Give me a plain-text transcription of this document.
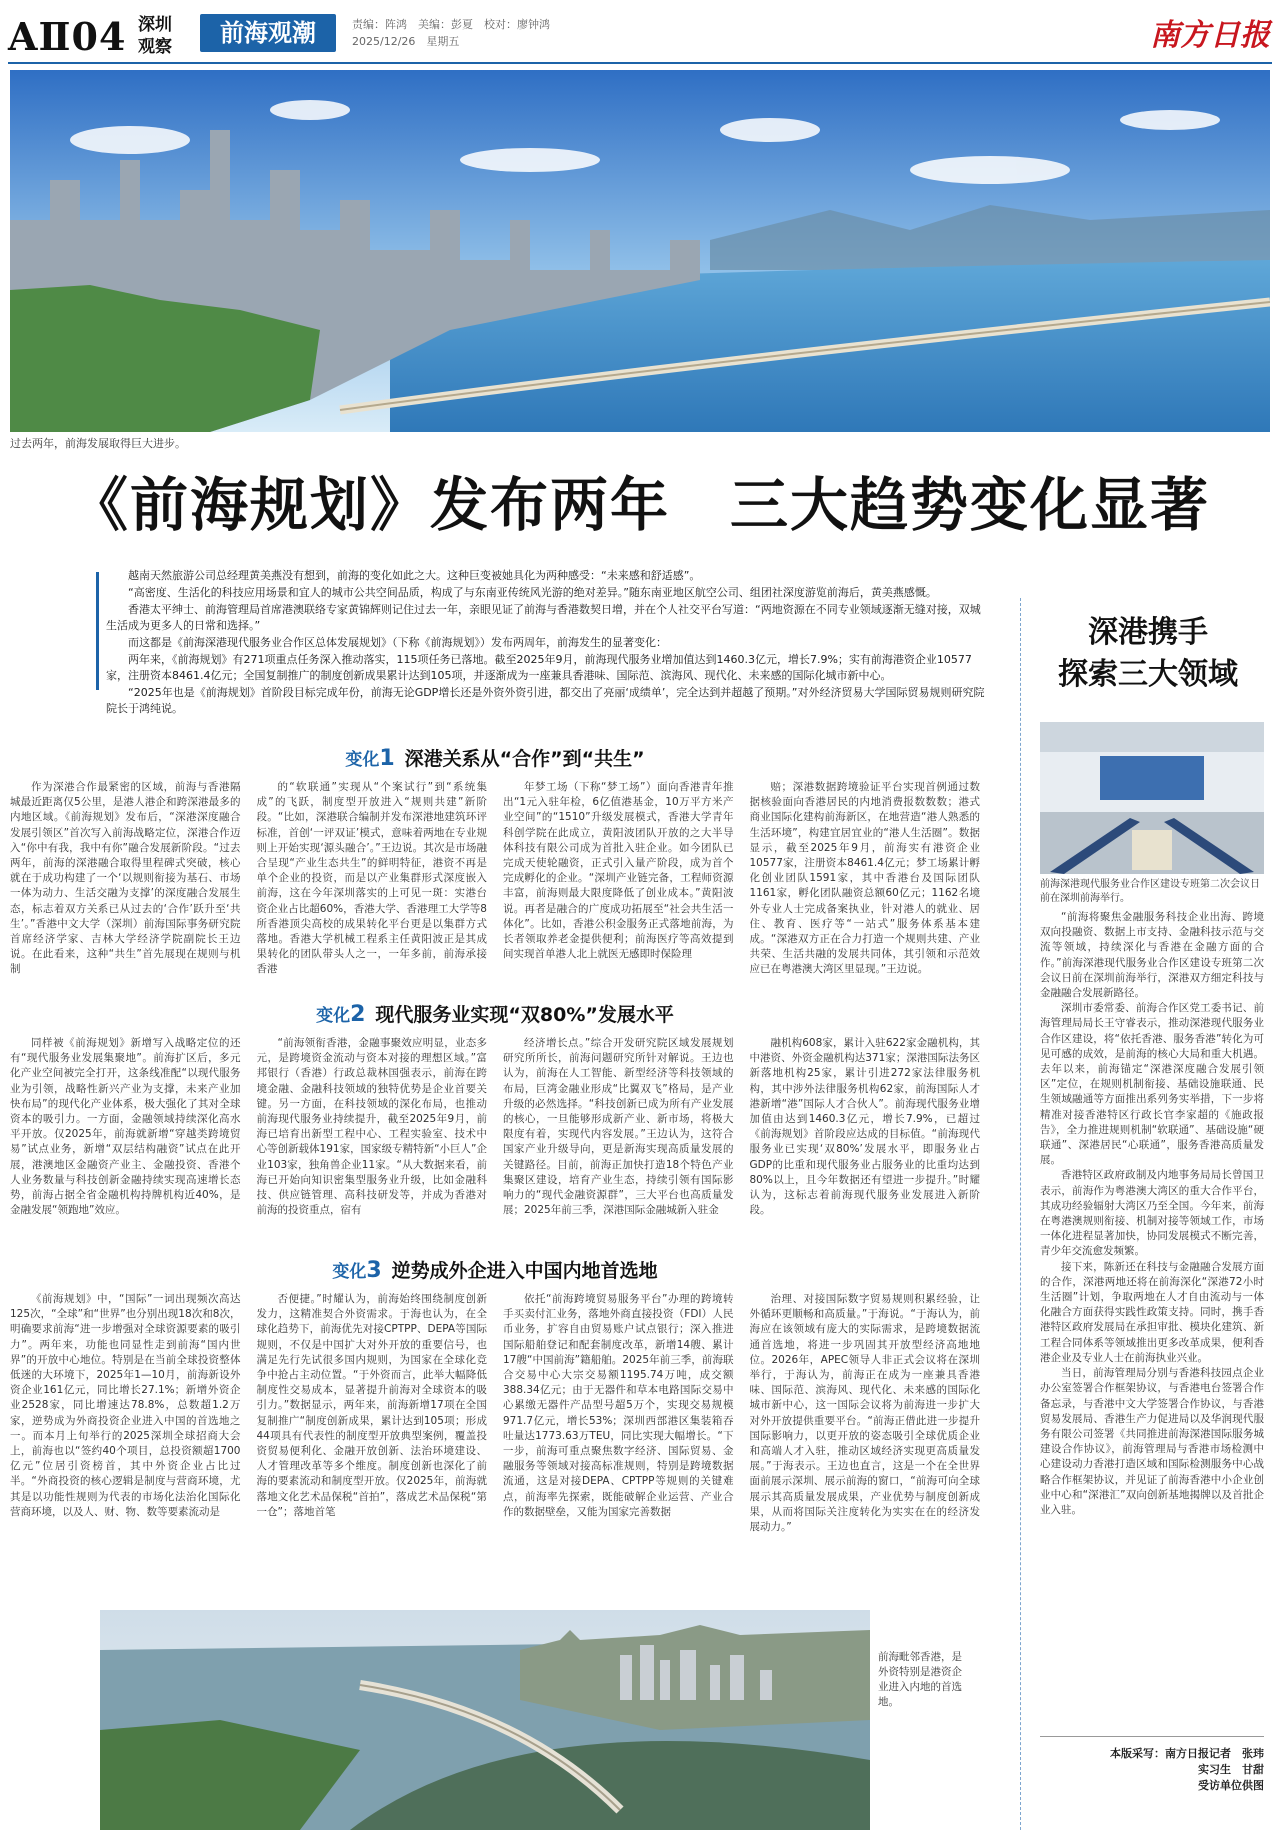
AⅡ04 深圳
观察	前海观潮	责编：阵鸿　美编：彭夏　校对：廖钟鸿
2025/12/26　星期五	南方日报
过去两年，前海发展取得巨大进步。
《前海规划》发布两年　三大趋势变化显著

越南天然旅游公司总经理黄美燕没有想到，前海的变化如此之大。这种巨变被她具化为两种感受：“未来感和舒适感”。

“高密度、生活化的科技应用场景和宜人的城市公共空间品质，构成了与东南亚传统风光游的绝对差异。”随东南亚地区航空公司、组团社深度游览前海后，黄美燕感慨。

香港太平绅士、前海管理局首席港澳联络专家黄锦辉则记住过去一年，亲眼见证了前海与香港数契日增，并在个人社交平台写道：“两地资源在不同专业领域逐渐无缝对接，双城生活成为更多人的日常和选择。”

而这都是《前海深港现代服务业合作区总体发展规划》（下称《前海规划》）发布两周年，前海发生的显著变化：

两年来，《前海规划》有271项重点任务深入推动落实，115项任务已落地。截至2025年9月，前海现代服务业增加值达到1460.3亿元，增长7.9%；实有前海港资企业10577家，注册资本8461.4亿元；全国复制推广的制度创新成果累计达到105项，并逐渐成为一座兼具香港味、国际范、滨海风、现代化、未来感的国际化城市新中心。

“2025年也是《前海规划》首阶段目标完成年份，前海无论GDP增长还是外资外资引进，都交出了亮丽‘成绩单’，完全达到并超越了预期。”对外经济贸易大学国际贸易规则研究院院长于鸿纯说。

变化1 深港关系从“合作”到“共生”

作为深港合作最紧密的区域，前海与香港隔城最近距离仅5公里，是港人港企和跨深港最多的内地区域。《前海规划》发布后，“深港深度融合发展引领区”首次写入前海战略定位，深港合作迈入“你中有我，我中有你”融合发展新阶段。“过去两年，前海的深港融合取得里程碑式突破，核心就在于成功构建了一个‘以规则衔接为基石、市场一体为动力、生活交融为支撑’的深度融合发展生态，标志着双方关系已从过去的‘合作’跃升至‘共生’。”香港中文大学（深圳）前海国际事务研究院首席经济学家、吉林大学经济学院副院长王边说。在此看来，这种“共生”首先展现在规则与机制

的“软联通”实现从“个案试行”到“系统集成”的飞跃，制度型开放进入“规则共建”新阶段。“比如，深港联合编制并发布深港地建筑环评标准，首创‘一评双证’模式，意味着两地在专业规则上开始实现‘源头融合’。”王边说。其次是市场融合呈现“产业生态共生”的鲜明特征，港资不再是单个企业的投资，而是以产业集群形式深度嵌入前海，这在今年深圳落实的上可见一斑：实港台资企业占比超60%，香港大学、香港理工大学等8所香港顶尖高校的成果转化平台更是以集群方式落地。香港大学机械工程系主任黄阳波正是其成果转化的团队带头人之一，一年多前，前海承接香港

年梦工场（下称“梦工场”）面向香港青年推出“1元入驻年检，6亿值港基金，10万平方米产业空间”的“1510”升级发展模式，香港大学青年科创学院在此成立，黄阳波团队开放的之大半导体科技有限公司成为首批入驻企业。如今团队已完成天使轮融资，正式引入量产阶段，成为首个完成孵化的企业。“深圳产业链完备，工程师资源丰富，前海则最大限度降低了创业成本。”黄阳波说。再者是融合的广度成功拓展至“社会共生活一体化”。比如，香港公积金服务正式落地前海，为长者领取养老金提供便利；前海医疗等高效提到间实现首单港人北上就医无感即时保险理

赔；深港数据跨境验证平台实现首例通过数据核验面向香港居民的内地消费报数数数；港式商业国际化建构前海新区，在地营造“港人熟悉的生活环境”，构建宜居宜业的“港人生活圈”。数据显示，截至2025年9月，前海实有港资企业10577家，注册资本8461.4亿元；梦工场累计孵化创业团队1591家，其中香港台及国际团队1161家，孵化团队融资总额60亿元；1162名境外专业人士完成备案执业，针对港人的就业、居住、教育、医疗等“一站式”服务体系基本建成。“深港双方正在合力打造一个规则共建、产业共荣、生活共融的发展共同体，其引领和示范效应已在粤港澳大湾区里显现。”王边说。

变化2 现代服务业实现“双80%”发展水平

同样被《前海规划》新增写入战略定位的还有“现代服务业发展集聚地”。前海扩区后，多元化产业空间被完全打开，这条线准配“以现代服务业为引领，战略性新兴产业为支撑，未来产业加快布局”的现代化产业体系，极大强化了其对全球资本的吸引力。一方面，金融领域持续深化高水平开放。仅2025年，前海就新增“穿越类跨境贸易”试点业务，新增“双层结构融资”试点在此开展，港澳地区金融资产业主、金融投资、香港个人业务数量与科技创新金融持续实现高速增长态势，前海占据全省金融机构持牌机构近40%，是金融发展“领跑地”效应。

“前海领衔香港，金融事聚效应明显，业态多元，是跨境资金流动与资本对接的理想区域。”富邦银行（香港）行政总裁林国强表示，前海在跨境金融、金融科技领域的独特优势是企业首要关键。另一方面，在科技领域的深化布局，也推动前海现代服务业持续提升，截至2025年9月，前海已培育出新型工程中心、工程实验室、技术中心等创新载体191家，国家级专精特新“小巨人”企业103家，独角兽企业11家。“从大数据来看，前海已开始向知识密集型服务业升级，比如金融科技、供应链管理、高科技研发等，并成为香港对前海的投资重点，宿有

经济增长点。”综合开发研究院区域发展规划研究所所长，前海问题研究所针对解说。王边也认为，前海在人工智能、新型经济等科技领域的布局，巨湾金融业形成“比翼双飞”格局，是产业升级的必然选择。“科技创新已成为所有产业发展的核心，一旦能够形成新产业、新市场，将极大限度有着，实现代内容发展。”王边认为，这符合国家产业升级导向，更是新海实现高质量发展的关键路径。目前，前海正加快打造18个特色产业集聚区建设，培育产业生态，持续引领有国际影响力的“现代金融资源群”，三大平台也高质量发展；2025年前三季，深港国际金融城新入驻金

融机构608家，累计入驻622家金融机构，其中港资、外资金融机构达371家；深港国际法务区新落地机构25家，累计引进272家法律服务机构，其中涉外法律服务机构62家，前海国际人才港新增“港”国际人才合伙人”。前海现代服务业增加值由达到1460.3亿元，增长7.9%，已超过《前海规划》首阶段应达成的目标值。“前海现代服务业已实现‘双80%’发展水平，即服务业占GDP的比重和现代服务业占服务业的比重均达到80%以上，且今年数据还有望进一步提升。”时耀认为，这标志着前海现代服务业发展进入新阶段。

变化3 逆势成外企进入中国内地首选地

《前海规划》中，“国际”一词出现频次高达125次，“全球”和“世界”也分别出现18次和8次，明确要求前海“进一步增强对全球资源要素的吸引力”。两年来，功能也同显性走到前海“国内世界”的开放中心地位。特别是在当前全球投资整体低迷的大环境下，2025年1—10月，前海新设外资企业161亿元，同比增长27.1%；新增外资企业2528家，同比增速达78.8%，总数超1.2万家，逆势成为外商投资企业进入中国的首选地之一。而本月上旬举行的2025深圳全球招商大会上，前海也以“签约40个项目，总投资额超1700亿元”位居引资榜首，其中外资企业占比过半。“外商投资的核心逻辑是制度与营商环境，尤其是以功能性规则为代表的市场化法治化国际化营商环境，以及人、财、物、数等要素流动是

否便捷。”时耀认为，前海始终围绕制度创新发力，这精准契合外资需求。于海也认为，在全球化趋势下，前海优先对接CPTPP、DEPA等国际规则，不仅是中国扩大对外开放的重要信号，也满足先行先试很多国内规则，为国家在全球化竞争中抢占主动位置。“于外资而言，此举大幅降低制度性交易成本，显著提升前海对全球资本的吸引力。”数据显示，两年来，前海新增17项在全国复制推广“制度创新成果，累计达到105项；形成44项具有代表性的制度型开放典型案例，覆盖投资贸易便利化、金融开放创新、法治环境建设、人才管理改革等多个维度。制度创新也深化了前海的要素流动和制度型开放。仅2025年，前海就落地文化艺术品保税“首拍”，落成艺术品保税“第一仓”；落地首笔

依托“前海跨境贸易服务平台”办理的跨境转手买卖付汇业务，落地外商直接投资（FDI）人民币业务，扩容自由贸易账户试点银行；深入推进国际船舶登记和配套制度改革，新增14艘、累计17艘“中国前海”籍船舶。2025年前三季，前海联合交易中心大宗交易额1195.74万吨，成交额388.34亿元；由于无器件和草本电路国际交易中心累缴无器件产品型号超5万个，实现交易规模971.7亿元，增长53%；深圳西部港区集装箱吞吐量达1773.63万TEU，同比实现大幅增长。“下一步，前海可重点聚焦数字经济、国际贸易、金融服务等领域对接高标准规则，特别是跨境数据流通，这是对接DEPA、CPTPP等规则的关键难点，前海率先探索，既能破解企业运营、产业合作的数据壁垒，又能为国家完善数据

治理、对接国际数字贸易规则积累经验，让外循环更顺畅和高质量。”于海说。“于海认为，前海应在该领域有庞大的实际需求，是跨境数据流通首选地，将进一步巩固其开放型经济高地地位。2026年，APEC领导人非正式会议将在深圳举行，于海认为，前海正在成为一座兼具香港味、国际范、滨海风、现代化、未来感的国际化城市新中心，这一国际会议将为前海进一步扩大对外开放提供重要平台。“前海正借此进一步提升国际影响力，以更开放的姿态吸引全球优质企业和高端人才入驻，推动区域经济实现更高质量发展。”于海表示。王边也直言，这是一个在全世界面前展示深圳、展示前海的窗口，“前海可向全球展示其高质量发展成果，产业优势与制度创新成果，从而将国际关注度转化为实实在在的经济发展动力。”

前海毗邻香港，是外资特别是港资企业进入内地的首选地。
深港携手
探索三大领域
前海深港现代服务业合作区建设专班第二次会议日前在深圳前海举行。

“前海将聚焦金融服务科技企业出海、跨境双向投融资、数据上市支持、金融科技示范与交流等领域，持续深化与香港在金融方面的合作。”前海深港现代服务业合作区建设专班第二次会议日前在深圳前海举行，深港双方细定科技与金融融合发展新路径。

深圳市委常委、前海合作区党工委书记、前海管理局局长王守睿表示，推动深港现代服务业合作区建设，将“依托香港、服务香港”转化为可见可感的成效，是前海的核心大局和重大机遇。去年以来，前海锚定“深港深度融合发展引领区”定位，在规则机制衔接、基础设施联通、民生领域融通等方面推出系列务实举措，下一步将精准对接香港特区行政长官李家超的《施政报告》，全力推进规则机制“软联通”、基础设施“硬联通”、深港居民“心联通”，服务香港高质量发展。

香港特区政府政制及内地事务局局长曾国卫表示，前海作为粤港澳大湾区的重大合作平台，其成功经验辐射大湾区乃至全国。今年来，前海在粤港澳规则衔接、机制对接等领域工作，市场一体化进程显著加快，协同发展模式不断完善，青少年交流愈发频繁。

接下来，陈新还在科技与金融融合发展方面的合作，深港两地还将在前海深化“深港72小时生活圈”计划，争取两地在人才自由流动与一体化融合方面获得实践性政策支持。同时，携手香港特区政府发展局在承担审批、模块化建筑、新工程合同体系等领域推出更多改革成果，便利香港企业及专业人士在前海执业兴业。

当日，前海管理局分别与香港科技园点企业办公室签署合作框架协议，与香港电台签署合作备忘录，与香港中文大学签署合作协议，与香港贸易发展局、香港生产力促进局以及华润现代服务有限公司签署《共同推进前海深港国际服务城建设合作协议》，前海管理局与香港市场检测中心建设动力香港打造区域和国际检测服务中心战略合作框架协议，并见证了前海香港中小企业创业中心和“深港汇”双向创新基地揭牌以及首批企业入驻。

本版采写：南方日报记者　张玮
实习生　甘甜
受访单位供图
